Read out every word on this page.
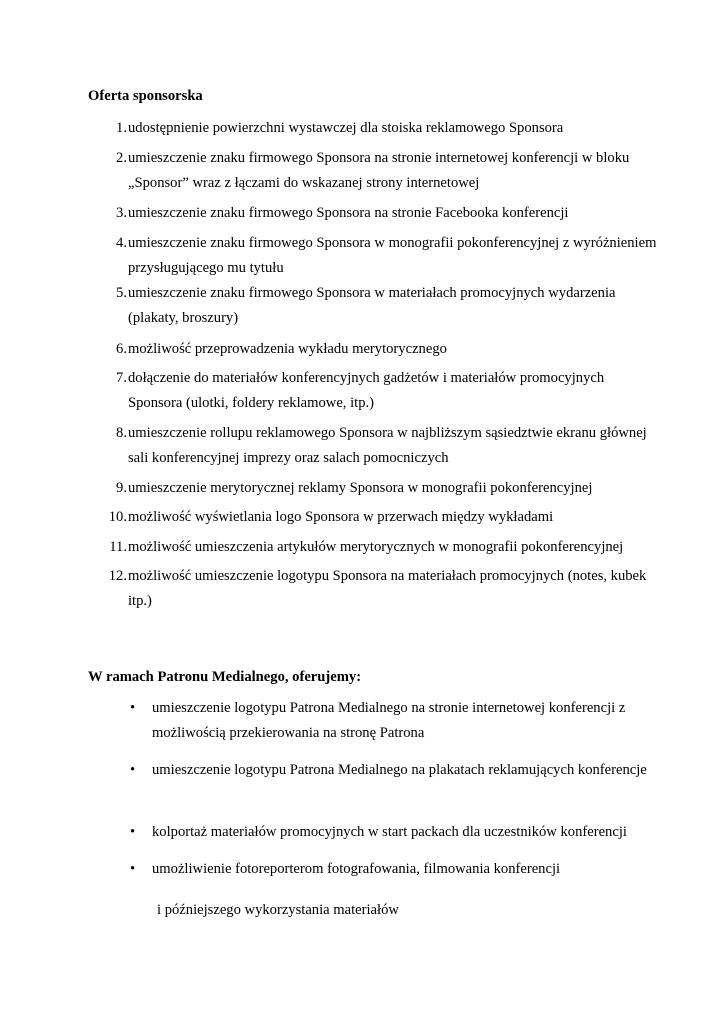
Oferta sponsorska
1. udostępnienie powierzchni wystawczej dla stoiska reklamowego Sponsora
2. umieszczenie znaku firmowego Sponsora na stronie internetowej konferencji w bloku „Sponsor” wraz z łączami do wskazanej strony internetowej
3. umieszczenie znaku firmowego Sponsora na stronie Facebooka konferencji
4. umieszczenie znaku firmowego Sponsora w monografii pokonferencyjnej z wyróżnieniem przysługującego mu tytułu
5. umieszczenie znaku firmowego Sponsora w materiałach promocyjnych wydarzenia (plakaty, broszury)
6. możliwość przeprowadzenia wykładu merytorycznego
7. dołączenie do materiałów konferencyjnych gadżetów i materiałów promocyjnych Sponsora (ulotki, foldery reklamowe, itp.)
8. umieszczenie rollupu reklamowego Sponsora w najbliższym sąsiedztwie ekranu głównej sali konferencyjnej imprezy oraz salach pomocniczych
9. umieszczenie merytorycznej reklamy Sponsora w monografii pokonferencyjnej
10. możliwość wyświetlania logo Sponsora w przerwach między wykładami
11. możliwość umieszczenia artykułów merytorycznych w monografii pokonferencyjnej
12. możliwość umieszczenie logotypu Sponsora na materiałach promocyjnych (notes, kubek itp.)
W ramach Patronu Medialnego, oferujemy:
• umieszczenie logotypu Patrona Medialnego na stronie internetowej konferencji z możliwością przekierowania na stronę Patrona
• umieszczenie logotypu Patrona Medialnego na plakatach reklamujących konferencje
• kolportaż materiałów promocyjnych w start packach dla uczestników konferencji
• umożliwienie fotoreporterom fotografowania, filmowania konferencji
i późniejszego wykorzystania materiałów
